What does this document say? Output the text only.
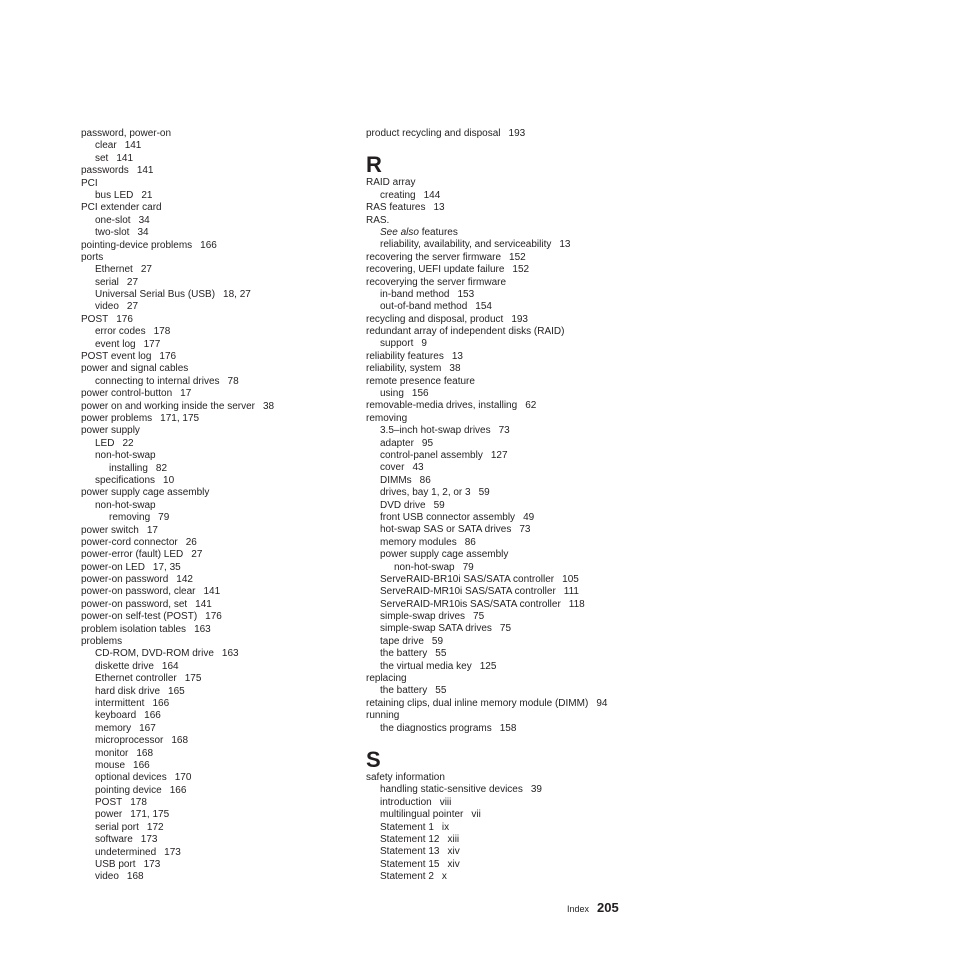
password, power-on
clear 141
set 141
passwords 141
PCI
bus LED 21
PCI extender card
one-slot 34
two-slot 34
pointing-device problems 166
ports
Ethernet 27
serial 27
Universal Serial Bus (USB) 18, 27
video 27
POST 176
error codes 178
event log 177
POST event log 176
power and signal cables
connecting to internal drives 78
power control-button 17
power on and working inside the server 38
power problems 171, 175
power supply
LED 22
non-hot-swap
installing 82
specifications 10
power supply cage assembly
non-hot-swap
removing 79
power switch 17
power-cord connector 26
power-error (fault) LED 27
power-on LED 17, 35
power-on password 142
power-on password, clear 141
power-on password, set 141
power-on self-test (POST) 176
problem isolation tables 163
problems
CD-ROM, DVD-ROM drive 163
diskette drive 164
Ethernet controller 175
hard disk drive 165
intermittent 166
keyboard 166
memory 167
microprocessor 168
monitor 168
mouse 166
optional devices 170
pointing device 166
POST 178
power 171, 175
serial port 172
software 173
undetermined 173
USB port 173
video 168
product recycling and disposal 193
R
RAID array
creating 144
RAS features 13
RAS.
See also features
reliability, availability, and serviceability 13
recovering the server firmware 152
recovering, UEFI update failure 152
recoverying the server firmware
in-band method 153
out-of-band method 154
recycling and disposal, product 193
redundant array of independent disks (RAID)
support 9
reliability features 13
reliability, system 38
remote presence feature
using 156
removable-media drives, installing 62
removing
3.5–inch hot-swap drives 73
adapter 95
control-panel assembly 127
cover 43
DIMMs 86
drives, bay 1, 2, or 3 59
DVD drive 59
front USB connector assembly 49
hot-swap SAS or SATA drives 73
memory modules 86
power supply cage assembly
non-hot-swap 79
ServeRAID-BR10i SAS/SATA controller 105
ServeRAID-MR10i SAS/SATA controller 111
ServeRAID-MR10is SAS/SATA controller 118
simple-swap drives 75
simple-swap SATA drives 75
tape drive 59
the battery 55
the virtual media key 125
replacing
the battery 55
retaining clips, dual inline memory module (DIMM) 94
running
the diagnostics programs 158
S
safety information
handling static-sensitive devices 39
introduction viii
multilingual pointer vii
Statement 1 ix
Statement 12 xiii
Statement 13 xiv
Statement 15 xiv
Statement 2 x
Index 205
